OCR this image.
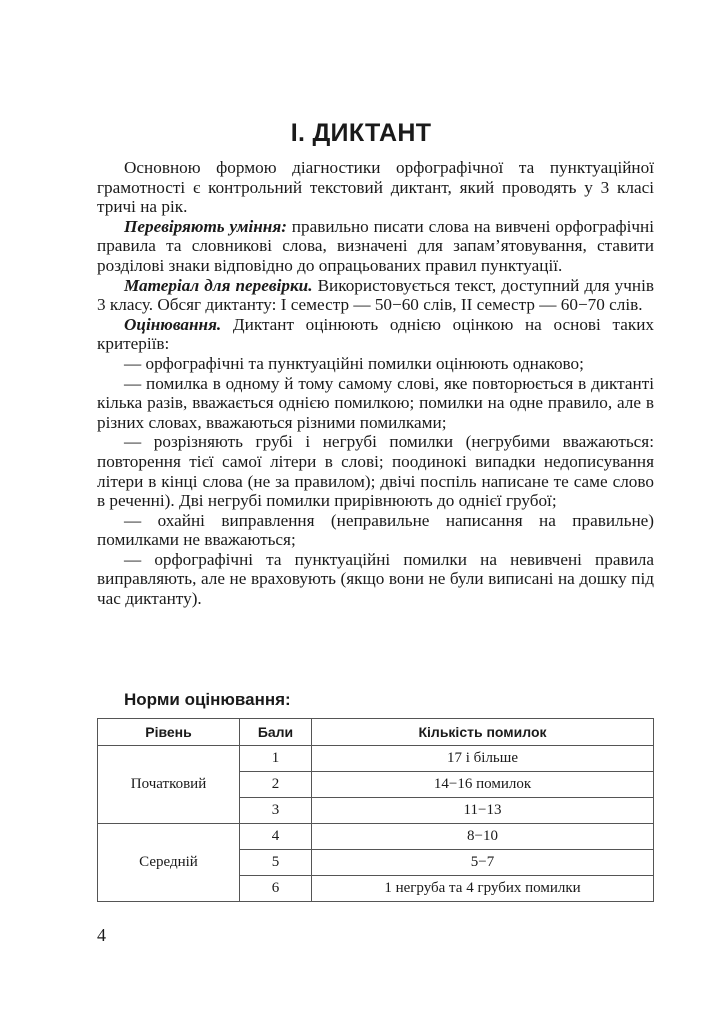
І. ДИКТАНТ

Основною формою діагностики орфографічної та пунктуаційної грамотності є контрольний текстовий диктант, який проводять у 3 класі тричі на рік.

Перевіряють уміння: правильно писати слова на вивчені орфографічні правила та словникові слова, визначені для запам’ятовування, ставити розділові знаки відповідно до опрацьованих правил пунктуації.

Матеріал для перевірки. Використовується текст, доступний для учнів 3 класу. Обсяг диктанту: I семестр — 50−60 слів, II семестр — 60−70 слів.

Оцінювання. Диктант оцінюють однією оцінкою на основі таких критеріїв:

— орфографічні та пунктуаційні помилки оцінюють однаково;

— помилка в одному й тому самому слові, яке повторюється в диктанті кілька разів, вважається однією помилкою; помилки на одне правило, але в різних словах, вважаються різними помилками;

— розрізняють грубі і негрубі помилки (негрубими вважаються: повторення тієї самої літери в слові; поодинокі випадки недописування літери в кінці слова (не за правилом); двічі поспіль написане те саме слово в реченні). Дві негрубі помилки прирівнюють до однієї грубої;

— охайні виправлення (неправильне написання на правильне) помилками не вважаються;

— орфографічні та пунктуаційні помилки на невивчені правила виправляють, але не враховують (якщо вони не були виписані на дошку під час диктанту).

Норми оцінювання:
Рівень	Бали	Кількість помилок
Початковий	1	17 і більше
	2	14−16 помилок
	3	11−13
Середній	4	8−10
	5	5−7
	6	1 негруба та 4 грубих помилки
4
